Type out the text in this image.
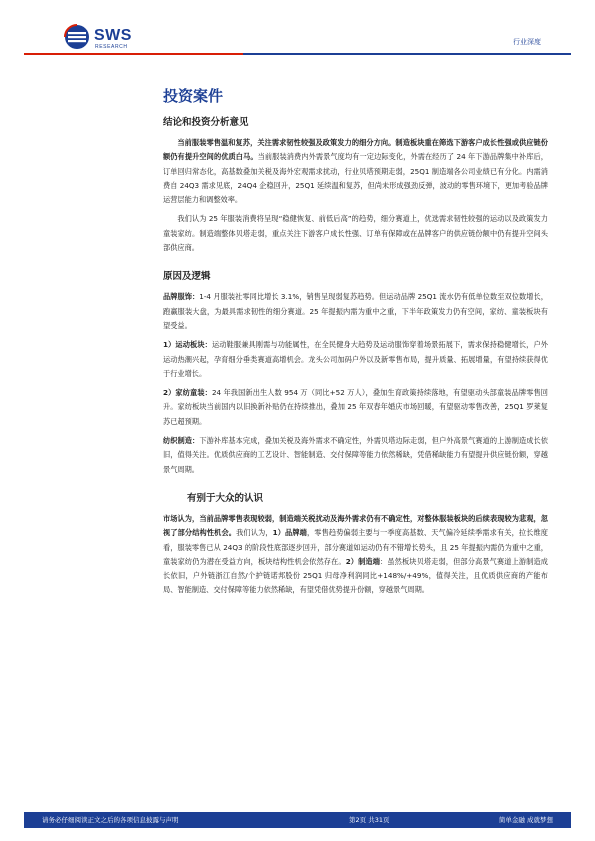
SWS
RESEARCH
行业深度
投资案件
结论和投资分析意见

当前服装零售温和复苏，关注需求韧性较强及政策发力的细分方向。制造板块重在筛选下游客户成长性强或供应链份额仍有提升空间的优质白马。当前服装消费内外需景气度均有一定边际变化，外需在经历了 24 年下游品牌集中补库后，订单回归常态化，高基数叠加关税及海外宏观需求扰动，行业贝塔预期走弱，25Q1 制造端各公司业绩已有分化。内需消费自 24Q3 需求见底，24Q4 企稳回升，25Q1 延续温和复苏，但尚未形成强劲反弹，波动的零售环境下，更加考验品牌运营层能力和调整效率。

我们认为 25 年服装消费将呈现“稳健恢复、前低后高”的趋势，细分赛道上，优选需求韧性较强的运动以及政策发力童装家纺。制造端整体贝塔走弱，重点关注下游客户成长性强、订单有保障或在品牌客户的供应链份额中仍有提升空间头部供应商。

原因及逻辑

品牌服饰：1-4 月服装社零同比增长 3.1%，销售呈现弱复苏趋势。但运动品牌 25Q1 流水仍有低单位数至双位数增长，跑赢服装大盘，为最具需求韧性的细分赛道。25 年提振内需为重中之重，下半年政策发力仍有空间，家纺、童装板块有望受益。

1）运动板块：运动鞋服兼具刚需与功能属性，在全民健身大趋势及运动服饰穿着场景拓展下，需求保持稳健增长，户外运动热潮兴起，孕育细分垂类赛道高增机会。龙头公司加码户外以及新零售布局，提升质量、拓展增量，有望持续获得优于行业增长。

2）家纺童装：24 年我国新出生人数 954 万（同比+52 万人），叠加生育政策持续落地，有望驱动头部童装品牌零售回升。家纺板块当前国内以旧换新补贴仍在持续推出，叠加 25 年双春年婚庆市场回暖，有望驱动零售改善，25Q1 罗莱复苏已超预期。

纺织制造：下游补库基本完成，叠加关税及海外需求不确定性，外需贝塔边际走弱，但户外高景气赛道的上游制造成长依旧，值得关注。优质供应商的工艺设计、智能制造、交付保障等能力依然稀缺，凭借稀缺能力有望提升供应链份额，穿越景气周期。

有别于大众的认识

市场认为，当前品牌零售表现较弱，制造端关税扰动及海外需求仍有不确定性，对整体服装板块的后续表现较为悲观，忽视了部分结构性机会。我们认为，1）品牌端，零售趋势偏弱主要与一季度高基数、天气偏冷延续季需求有关，拉长维度看，服装零售已从 24Q3 的阶段性底部逐步回升，部分赛道如运动仍有不错增长势头，且 25 年提振内需仍为重中之重，童装家纺仍为潜在受益方向，板块结构性机会依然存在。2）制造端：虽然板块贝塔走弱，但部分高景气赛道上游制造成长依旧，户外链浙江自然/个护链诺邦股份 25Q1 归母净利润同比+148%/+49%，值得关注，且优质供应商的产能布局、智能制造、交付保障等能力依然稀缺，有望凭借优势提升份额，穿越景气周期。

请务必仔细阅读正文之后的各项信息披露与声明	第2页 共31页	简单金融 成就梦想
